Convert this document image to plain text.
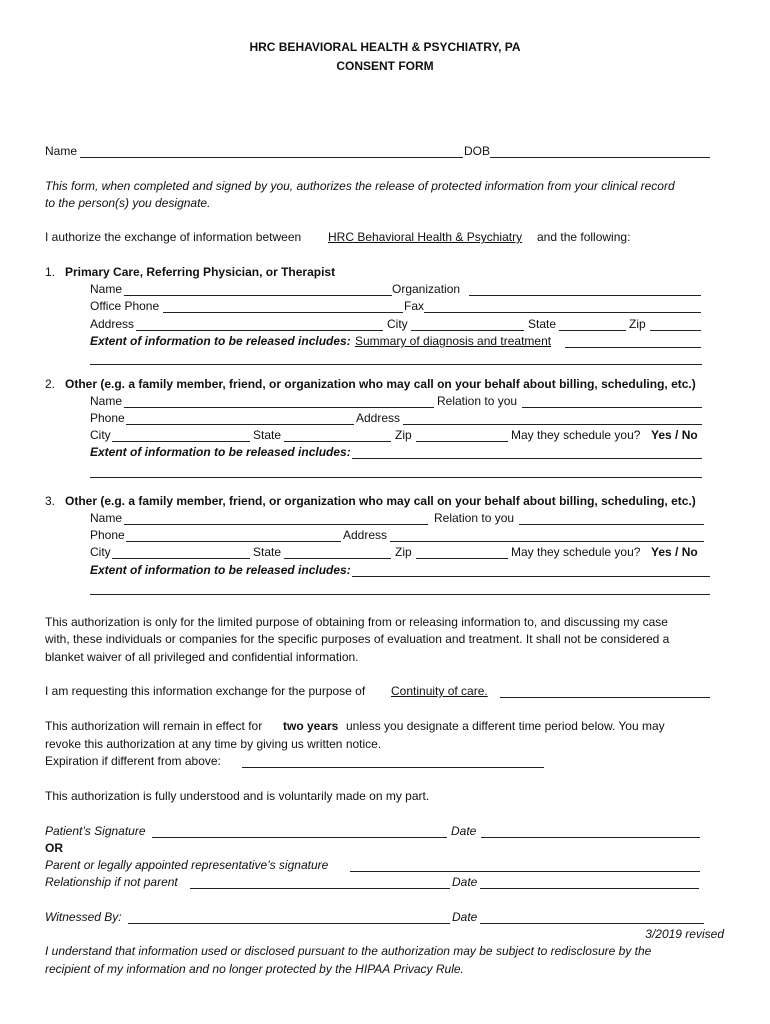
HRC BEHAVIORAL HEALTH & PSYCHIATRY, PA
CONSENT FORM
Name	DOB
This form, when completed and signed by you, authorizes the release of protected information from your clinical record
to the person(s) you designate.
I authorize the exchange of information between HRC Behavioral Health & Psychiatry and the following:
1. Primary Care, Referring Physician, or Therapist
Name	Organization
Office Phone	Fax
Address	City	State	Zip
Extent of information to be released includes: Summary of diagnosis and treatment
2. Other (e.g. a family member, friend, or organization who may call on your behalf about billing, scheduling, etc.)
Name	Relation to you
Phone	Address
City	State	Zip	May they schedule you? Yes / No
Extent of information to be released includes:
3. Other (e.g. a family member, friend, or organization who may call on your behalf about billing, scheduling, etc.)
Name	Relation to you
Phone	Address
City	State	Zip	May they schedule you? Yes / No
Extent of information to be released includes:
This authorization is only for the limited purpose of obtaining from or releasing information to, and discussing my case
with, these individuals or companies for the specific purposes of evaluation and treatment. It shall not be considered a
blanket waiver of all privileged and confidential information.
I am requesting this information exchange for the purpose of Continuity of care.
This authorization will remain in effect for two years unless you designate a different time period below. You may
revoke this authorization at any time by giving us written notice.
Expiration if different from above:
This authorization is fully understood and is voluntarily made on my part.
Patient’s Signature	Date
OR
Parent or legally appointed representative’s signature
Relationship if not parent	Date
Witnessed By:	Date
3/2019 revised
I understand that information used or disclosed pursuant to the authorization may be subject to redisclosure by the
recipient of my information and no longer protected by the HIPAA Privacy Rule.
